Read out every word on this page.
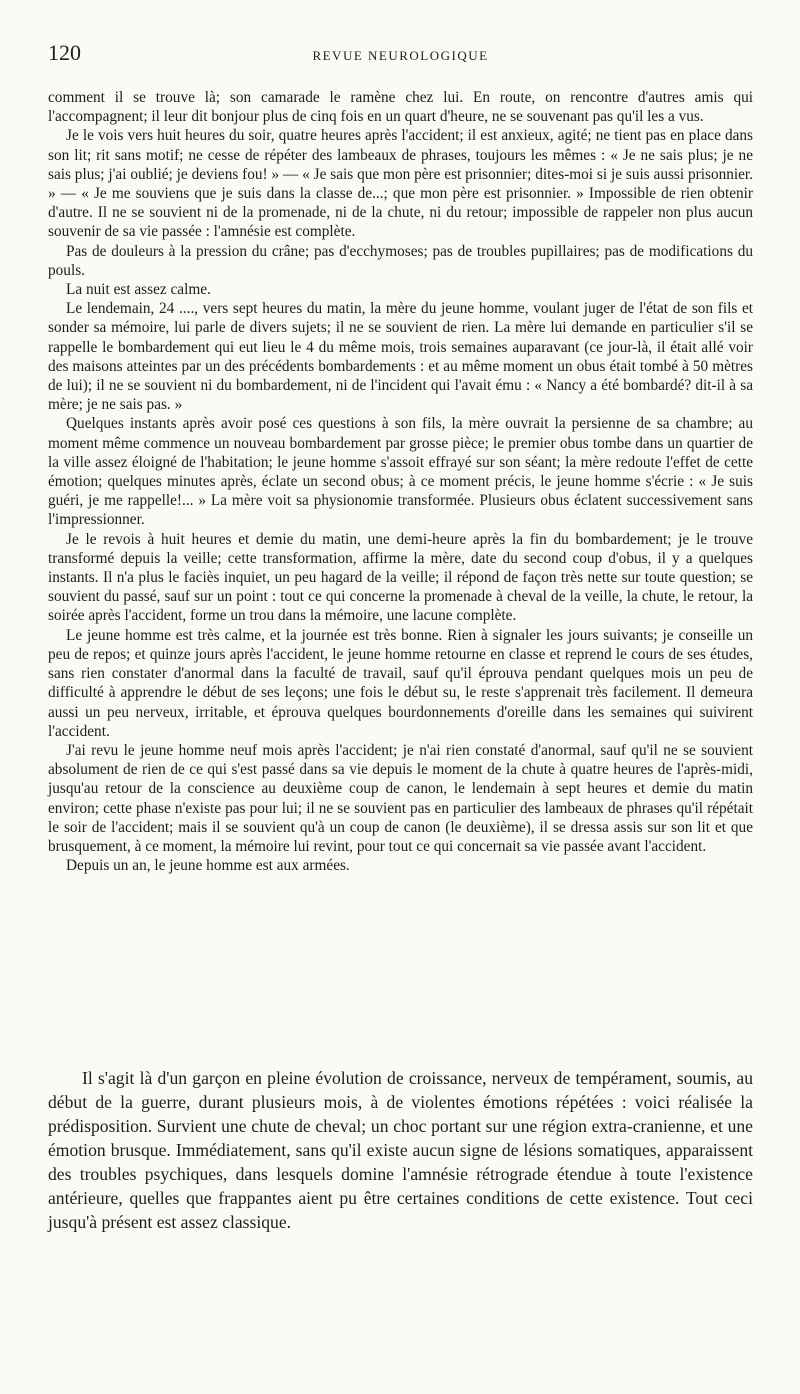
120	REVUE NEUROLOGIQUE

comment il se trouve là; son camarade le ramène chez lui. En route, on rencontre d'autres amis qui l'accompagnent; il leur dit bonjour plus de cinq fois en un quart d'heure, ne se souvenant pas qu'il les a vus.

Je le vois vers huit heures du soir, quatre heures après l'accident; il est anxieux, agité; ne tient pas en place dans son lit; rit sans motif; ne cesse de répéter des lambeaux de phrases, toujours les mêmes : « Je ne sais plus; je ne sais plus; j'ai oublié; je deviens fou! » — « Je sais que mon père est prisonnier; dites-moi si je suis aussi prisonnier. » — « Je me souviens que je suis dans la classe de...; que mon père est prisonnier. » Impossible de rien obtenir d'autre. Il ne se souvient ni de la promenade, ni de la chute, ni du retour; impossible de rappeler non plus aucun souvenir de sa vie passée : l'amnésie est complète.

Pas de douleurs à la pression du crâne; pas d'ecchymoses; pas de troubles pupillaires; pas de modifications du pouls.

La nuit est assez calme.

Le lendemain, 24 ...., vers sept heures du matin, la mère du jeune homme, voulant juger de l'état de son fils et sonder sa mémoire, lui parle de divers sujets; il ne se souvient de rien. La mère lui demande en particulier s'il se rappelle le bombardement qui eut lieu le 4 du même mois, trois semaines auparavant (ce jour-là, il était allé voir des maisons atteintes par un des précédents bombardements : et au même moment un obus était tombé à 50 mètres de lui); il ne se souvient ni du bombardement, ni de l'incident qui l'avait ému : « Nancy a été bombardé? dit-il à sa mère; je ne sais pas. »

Quelques instants après avoir posé ces questions à son fils, la mère ouvrait la persienne de sa chambre; au moment même commence un nouveau bombardement par grosse pièce; le premier obus tombe dans un quartier de la ville assez éloigné de l'habitation; le jeune homme s'assoit effrayé sur son séant; la mère redoute l'effet de cette émotion; quelques minutes après, éclate un second obus; à ce moment précis, le jeune homme s'écrie : « Je suis guéri, je me rappelle!... » La mère voit sa physionomie transformée. Plusieurs obus éclatent successivement sans l'impressionner.

Je le revois à huit heures et demie du matin, une demi-heure après la fin du bombardement; je le trouve transformé depuis la veille; cette transformation, affirme la mère, date du second coup d'obus, il y a quelques instants. Il n'a plus le faciès inquiet, un peu hagard de la veille; il répond de façon très nette sur toute question; se souvient du passé, sauf sur un point : tout ce qui concerne la promenade à cheval de la veille, la chute, le retour, la soirée après l'accident, forme un trou dans la mémoire, une lacune complète.

Le jeune homme est très calme, et la journée est très bonne. Rien à signaler les jours suivants; je conseille un peu de repos; et quinze jours après l'accident, le jeune homme retourne en classe et reprend le cours de ses études, sans rien constater d'anormal dans la faculté de travail, sauf qu'il éprouva pendant quelques mois un peu de difficulté à apprendre le début de ses leçons; une fois le début su, le reste s'apprenait très facilement. Il demeura aussi un peu nerveux, irritable, et éprouva quelques bourdonnements d'oreille dans les semaines qui suivirent l'accident.

J'ai revu le jeune homme neuf mois après l'accident; je n'ai rien constaté d'anormal, sauf qu'il ne se souvient absolument de rien de ce qui s'est passé dans sa vie depuis le moment de la chute à quatre heures de l'après-midi, jusqu'au retour de la conscience au deuxième coup de canon, le lendemain à sept heures et demie du matin environ; cette phase n'existe pas pour lui; il ne se souvient pas en particulier des lambeaux de phrases qu'il répétait le soir de l'accident; mais il se souvient qu'à un coup de canon (le deuxième), il se dressa assis sur son lit et que brusquement, à ce moment, la mémoire lui revint, pour tout ce qui concernait sa vie passée avant l'accident.

Depuis un an, le jeune homme est aux armées.

Il s'agit là d'un garçon en pleine évolution de croissance, nerveux de tempérament, soumis, au début de la guerre, durant plusieurs mois, à de violentes émotions répétées : voici réalisée la prédisposition. Survient une chute de cheval; un choc portant sur une région extra-cranienne, et une émotion brusque. Immédiatement, sans qu'il existe aucun signe de lésions somatiques, apparaissent des troubles psychiques, dans lesquels domine l'amnésie rétrograde étendue à toute l'existence antérieure, quelles que frappantes aient pu être certaines conditions de cette existence. Tout ceci jusqu'à présent est assez classique.
